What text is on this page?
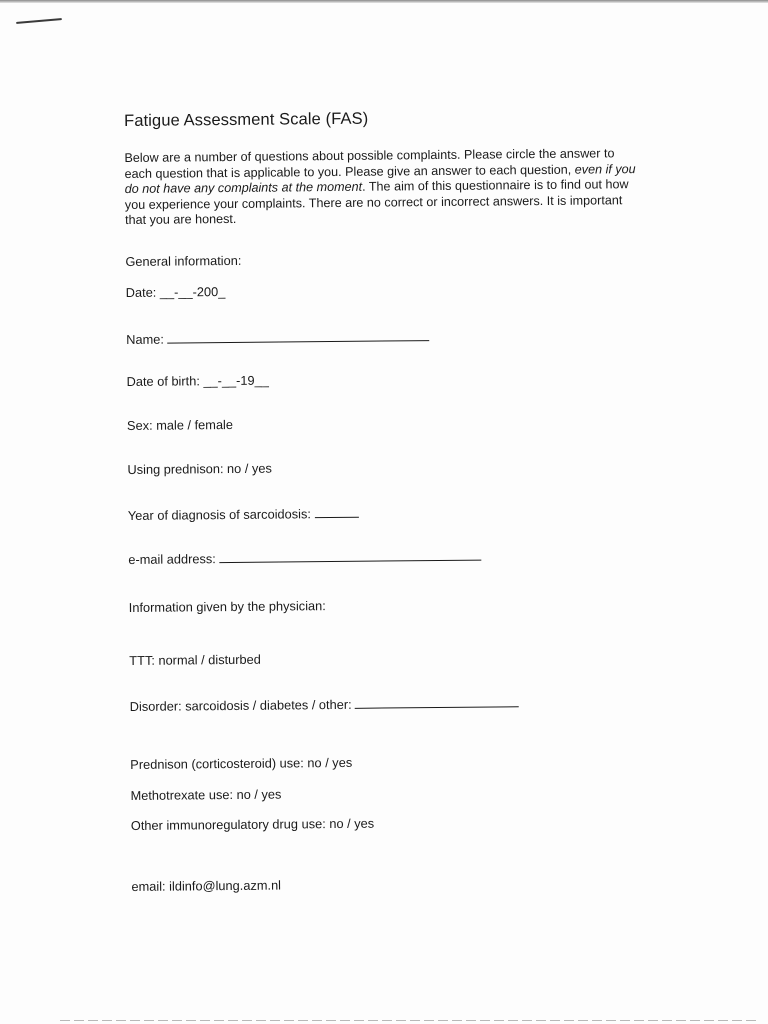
Fatigue Assessment Scale (FAS)

Below are a number of questions about possible complaints. Please circle the answer to each question that is applicable to you. Please give an answer to each question, even if you do not have any complaints at the moment. The aim of this questionnaire is to find out how you experience your complaints. There are no correct or incorrect answers. It is important that you are honest.

General information:
Date: __-__-200_
Name:
Date of birth: __-__-19__
Sex: male / female
Using prednison: no / yes
Year of diagnosis of sarcoidosis:
e-mail address:
Information given by the physician:
TTT: normal / disturbed
Disorder: sarcoidosis / diabetes / other:
Prednison (corticosteroid) use: no / yes
Methotrexate use: no / yes
Other immunoregulatory drug use: no / yes
email: ildinfo@lung.azm.nl
